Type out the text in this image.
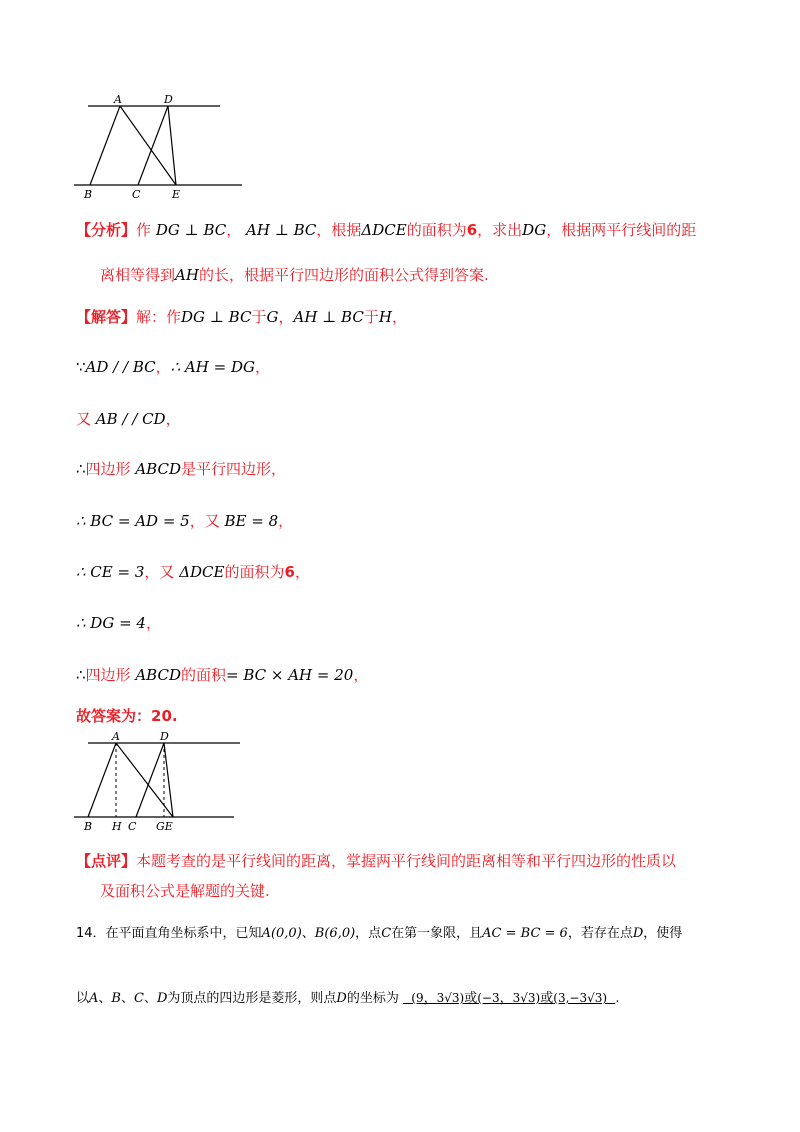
A	D
B	C	E
【分析】作 DG ⊥ BC， AH ⊥ BC，根据ΔDCE的面积为6，求出DG，根据两平行线间的距
离相等得到AH的长，根据平行四边形的面积公式得到答案.
【解答】解：作DG ⊥ BC于G，AH ⊥ BC于H，
∵AD / / BC，∴ AH = DG，
又 AB / / CD，
∴四边形 ABCD是平行四边形，
∴ BC = AD = 5，又 BE = 8，
∴ CE = 3，又 ΔDCE的面积为6，
∴ DG = 4，
∴四边形 ABCD的面积= BC × AH = 20，
故答案为：20.
A	D
B H C GE
【点评】本题考查的是平行线间的距离，掌握两平行线间的距离相等和平行四边形的性质以
及面积公式是解题的关键.
14．在平面直角坐标系中，已知A(0,0)、B(6,0)，点C在第一象限，且AC = BC = 6，若存在点D，使得
以A、B、C、D为顶点的四边形是菱形，则点D的坐标为 (9，3√3)或(−3，3√3)或(3,−3√3) .
